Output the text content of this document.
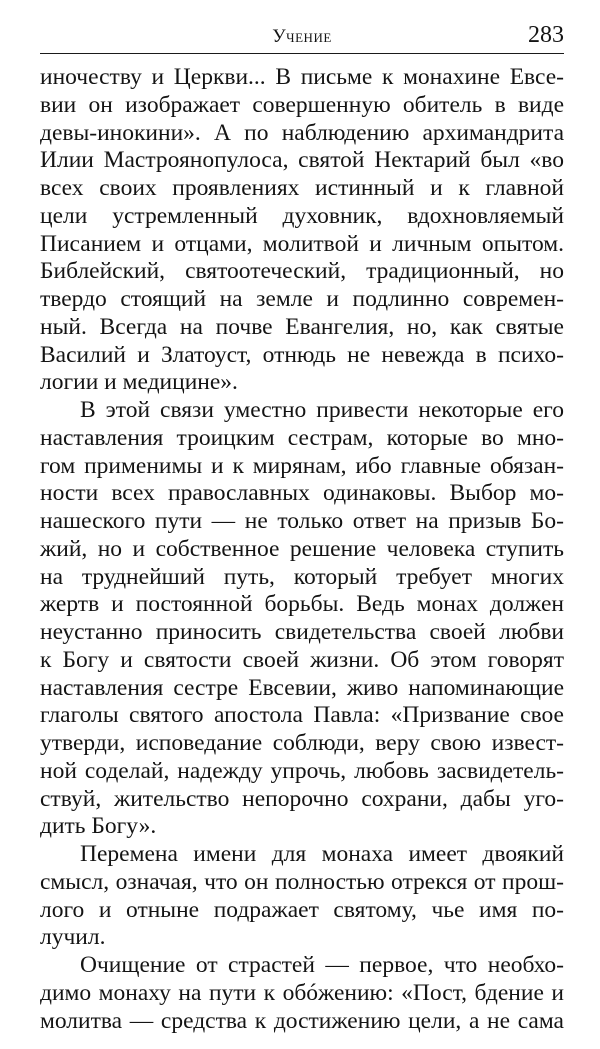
Учение	283
иночеству и Церкви... В письме к монахине Евсе-
вии он изображает совершенную обитель в виде
девы-инокини». А по наблюдению архимандрита
Илии Мастроянопулоса, святой Нектарий был «во
всех своих проявлениях истинный и к главной
цели устремленный духовник, вдохновляемый
Писанием и отцами, молитвой и личным опытом.
Библейский, святоотеческий, традиционный, но
твердо стоящий на земле и подлинно современ-
ный. Всегда на почве Евангелия, но, как святые
Василий и Златоуст, отнюдь не невежда в психо-
логии и медицине».
В этой связи уместно привести некоторые его
наставления троицким сестрам, которые во мно-
гом применимы и к мирянам, ибо главные обязан-
ности всех православных одинаковы. Выбор мо-
нашеского пути — не только ответ на призыв Бо-
жий, но и собственное решение человека ступить
на труднейший путь, который требует многих
жертв и постоянной борьбы. Ведь монах должен
неустанно приносить свидетельства своей любви
к Богу и святости своей жизни. Об этом говорят
наставления сестре Евсевии, живо напоминающие
глаголы святого апостола Павла: «Призвание свое
утверди, исповедание соблюди, веру свою извест-
ной соделай, надежду упрочь, любовь засвидетель-
ствуй, жительство непорочно сохрани, дабы уго-
дить Богу».
Перемена имени для монаха имеет двоякий
смысл, означая, что он полностью отрекся от прош-
лого и отныне подражает святому, чье имя по-
лучил.
Очищение от страстей — первое, что необхо-
димо монаху на пути к обóжению: «Пост, бдение и
молитва — средства к достижению цели, а не сама
